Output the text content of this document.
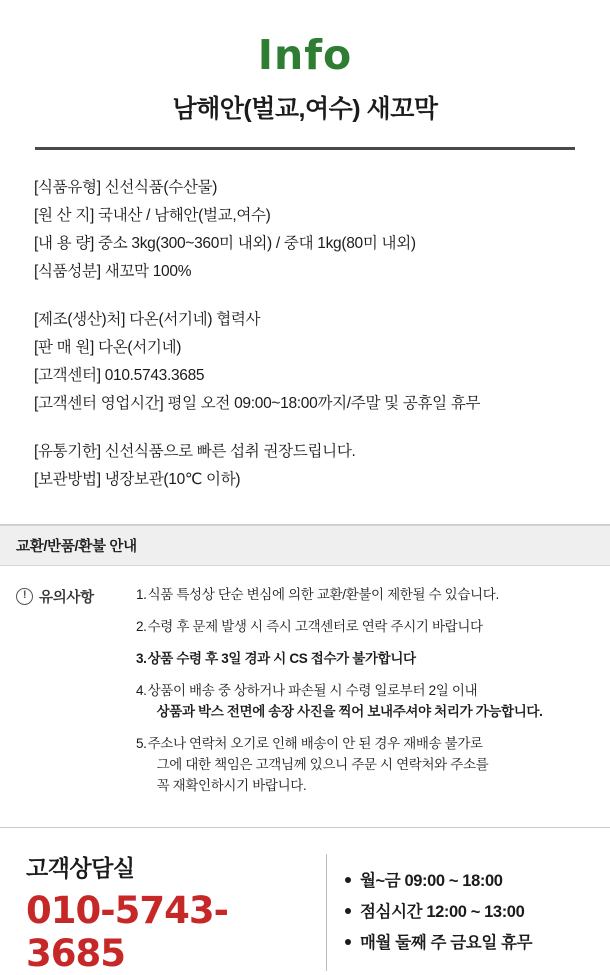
Info
남해안(벌교,여수) 새꼬막
[식품유형] 신선식품(수산물)
[원 산 지] 국내산 / 남해안(벌교,여수)
[내 용 량] 중소 3kg(300~360미 내외) / 중대 1kg(80미 내외)
[식품성분] 새꼬막 100%
[제조(생산)처] 다온(서기네) 협력사
[판 매 원] 다온(서기네)
[고객센터] 010.5743.3685
[고객센터 영업시간] 평일 오전 09:00~18:00까지/주말 및 공휴일 휴무
[유통기한] 신선식품으로 빠른 섭취 권장드립니다.
[보관방법] 냉장보관(10℃ 이하)
교환/반품/환불 안내
!
유의사항	1. 식품 특성상 단순 변심에 의한 교환/환불이 제한될 수 있습니다.
2. 수령 후 문제 발생 시 즉시 고객센터로 연락 주시기 바랍니다
3. 상품 수령 후 3일 경과 시 CS 접수가 불가합니다
4. 상품이 배송 중 상하거나 파손될 시 수령 일로부터 2일 이내
상품과 박스 전면에 송장 사진을 찍어 보내주셔야 처리가 가능합니다.
5. 주소나 연락처 오기로 인해 배송이 안 된 경우 재배송 불가로
그에 대한 책임은 고객님께 있으니 주문 시 연락처와 주소를
꼭 재확인하시기 바랍니다.
고객상담실
010-5743-3685
월~금 09:00 ~ 18:00
점심시간 12:00 ~ 13:00
매월 둘째 주 금요일 휴무
